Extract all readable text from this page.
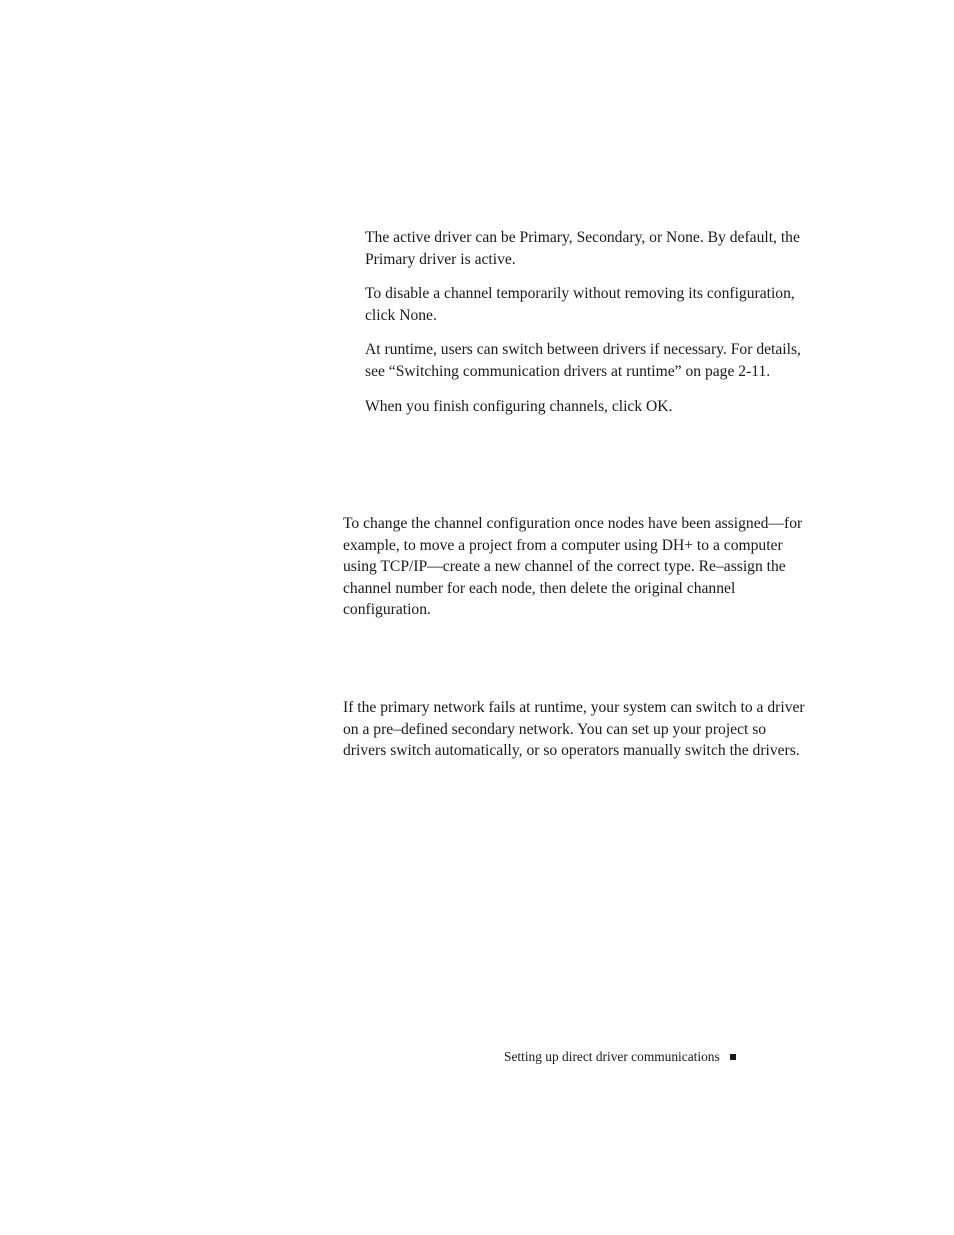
The active driver can be Primary, Secondary, or None. By default, the Primary driver is active.

To disable a channel temporarily without removing its configuration, click None.

At runtime, users can switch between drivers if necessary. For details, see “Switching communication drivers at runtime” on page 2-11.

When you finish configuring channels, click OK.

To change the channel configuration once nodes have been assigned—for example, to move a project from a computer using DH+ to a computer using TCP/IP—create a new channel of the correct type. Re–assign the channel number for each node, then delete the original channel configuration.

If the primary network fails at runtime, your system can switch to a driver on a pre–defined secondary network. You can set up your project so drivers switch automatically, or so operators manually switch the drivers.

Setting up direct driver communications
